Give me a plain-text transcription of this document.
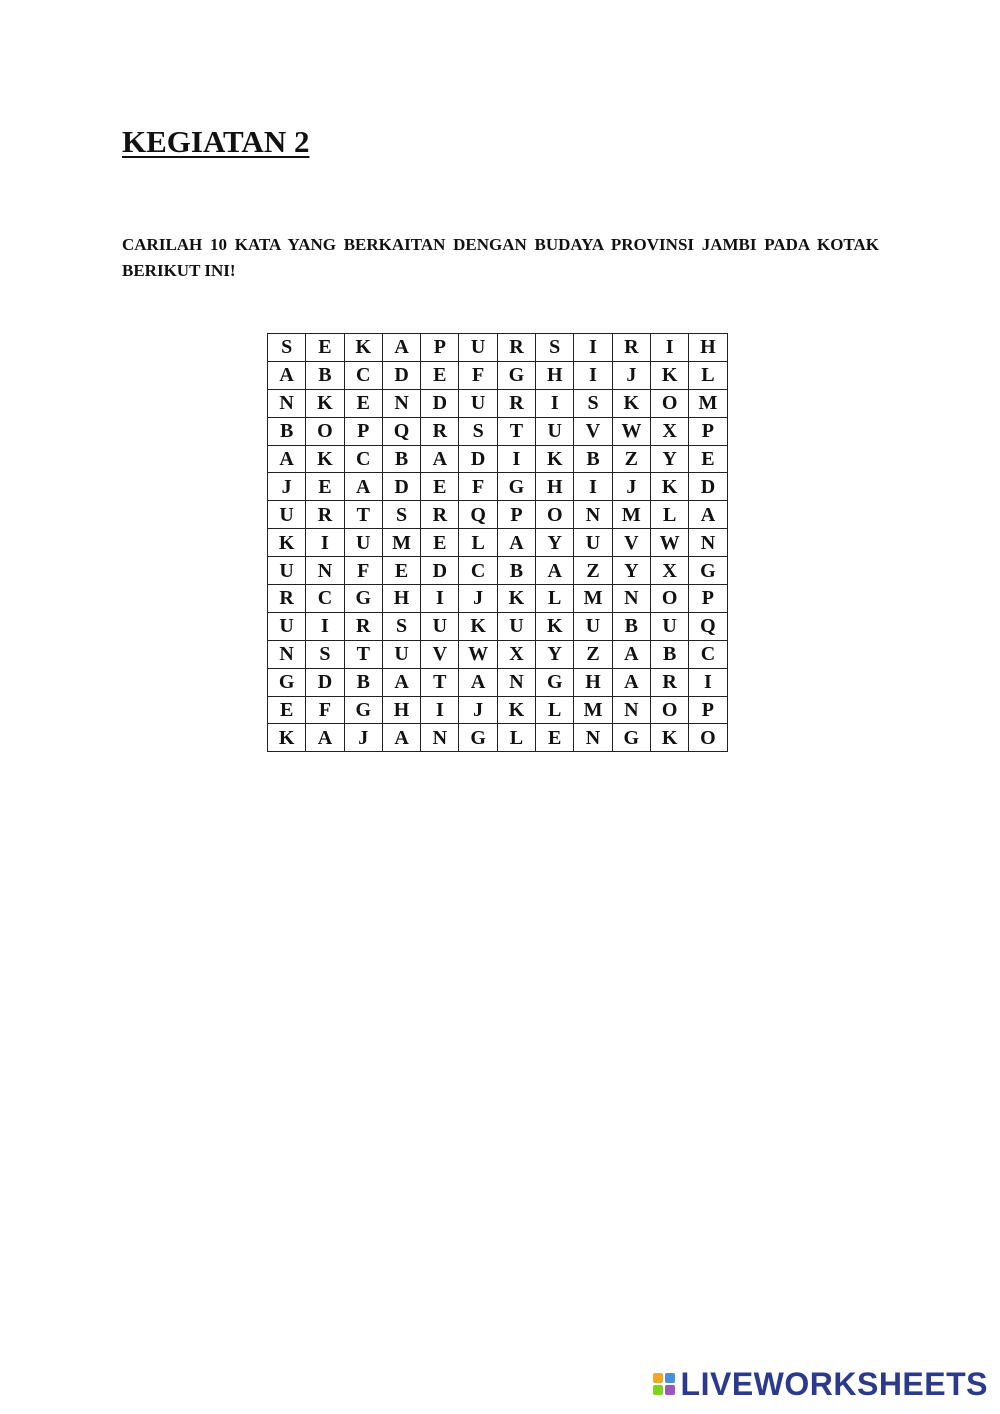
KEGIATAN 2

CARILAH 10 KATA YANG BERKAITAN DENGAN BUDAYA PROVINSI JAMBI PADA KOTAK BERIKUT INI!

S	E	K	A	P	U	R	S	I	R	I	H
A	B	C	D	E	F	G	H	I	J	K	L
N	K	E	N	D	U	R	I	S	K	O	M
B	O	P	Q	R	S	T	U	V	W	X	P
A	K	C	B	A	D	I	K	B	Z	Y	E
J	E	A	D	E	F	G	H	I	J	K	D
U	R	T	S	R	Q	P	O	N	M	L	A
K	I	U	M	E	L	A	Y	U	V	W	N
U	N	F	E	D	C	B	A	Z	Y	X	G
R	C	G	H	I	J	K	L	M	N	O	P
U	I	R	S	U	K	U	K	U	B	U	Q
N	S	T	U	V	W	X	Y	Z	A	B	C
G	D	B	A	T	A	N	G	H	A	R	I
E	F	G	H	I	J	K	L	M	N	O	P
K	A	J	A	N	G	L	E	N	G	K	O
LIVEWORKSHEETS
